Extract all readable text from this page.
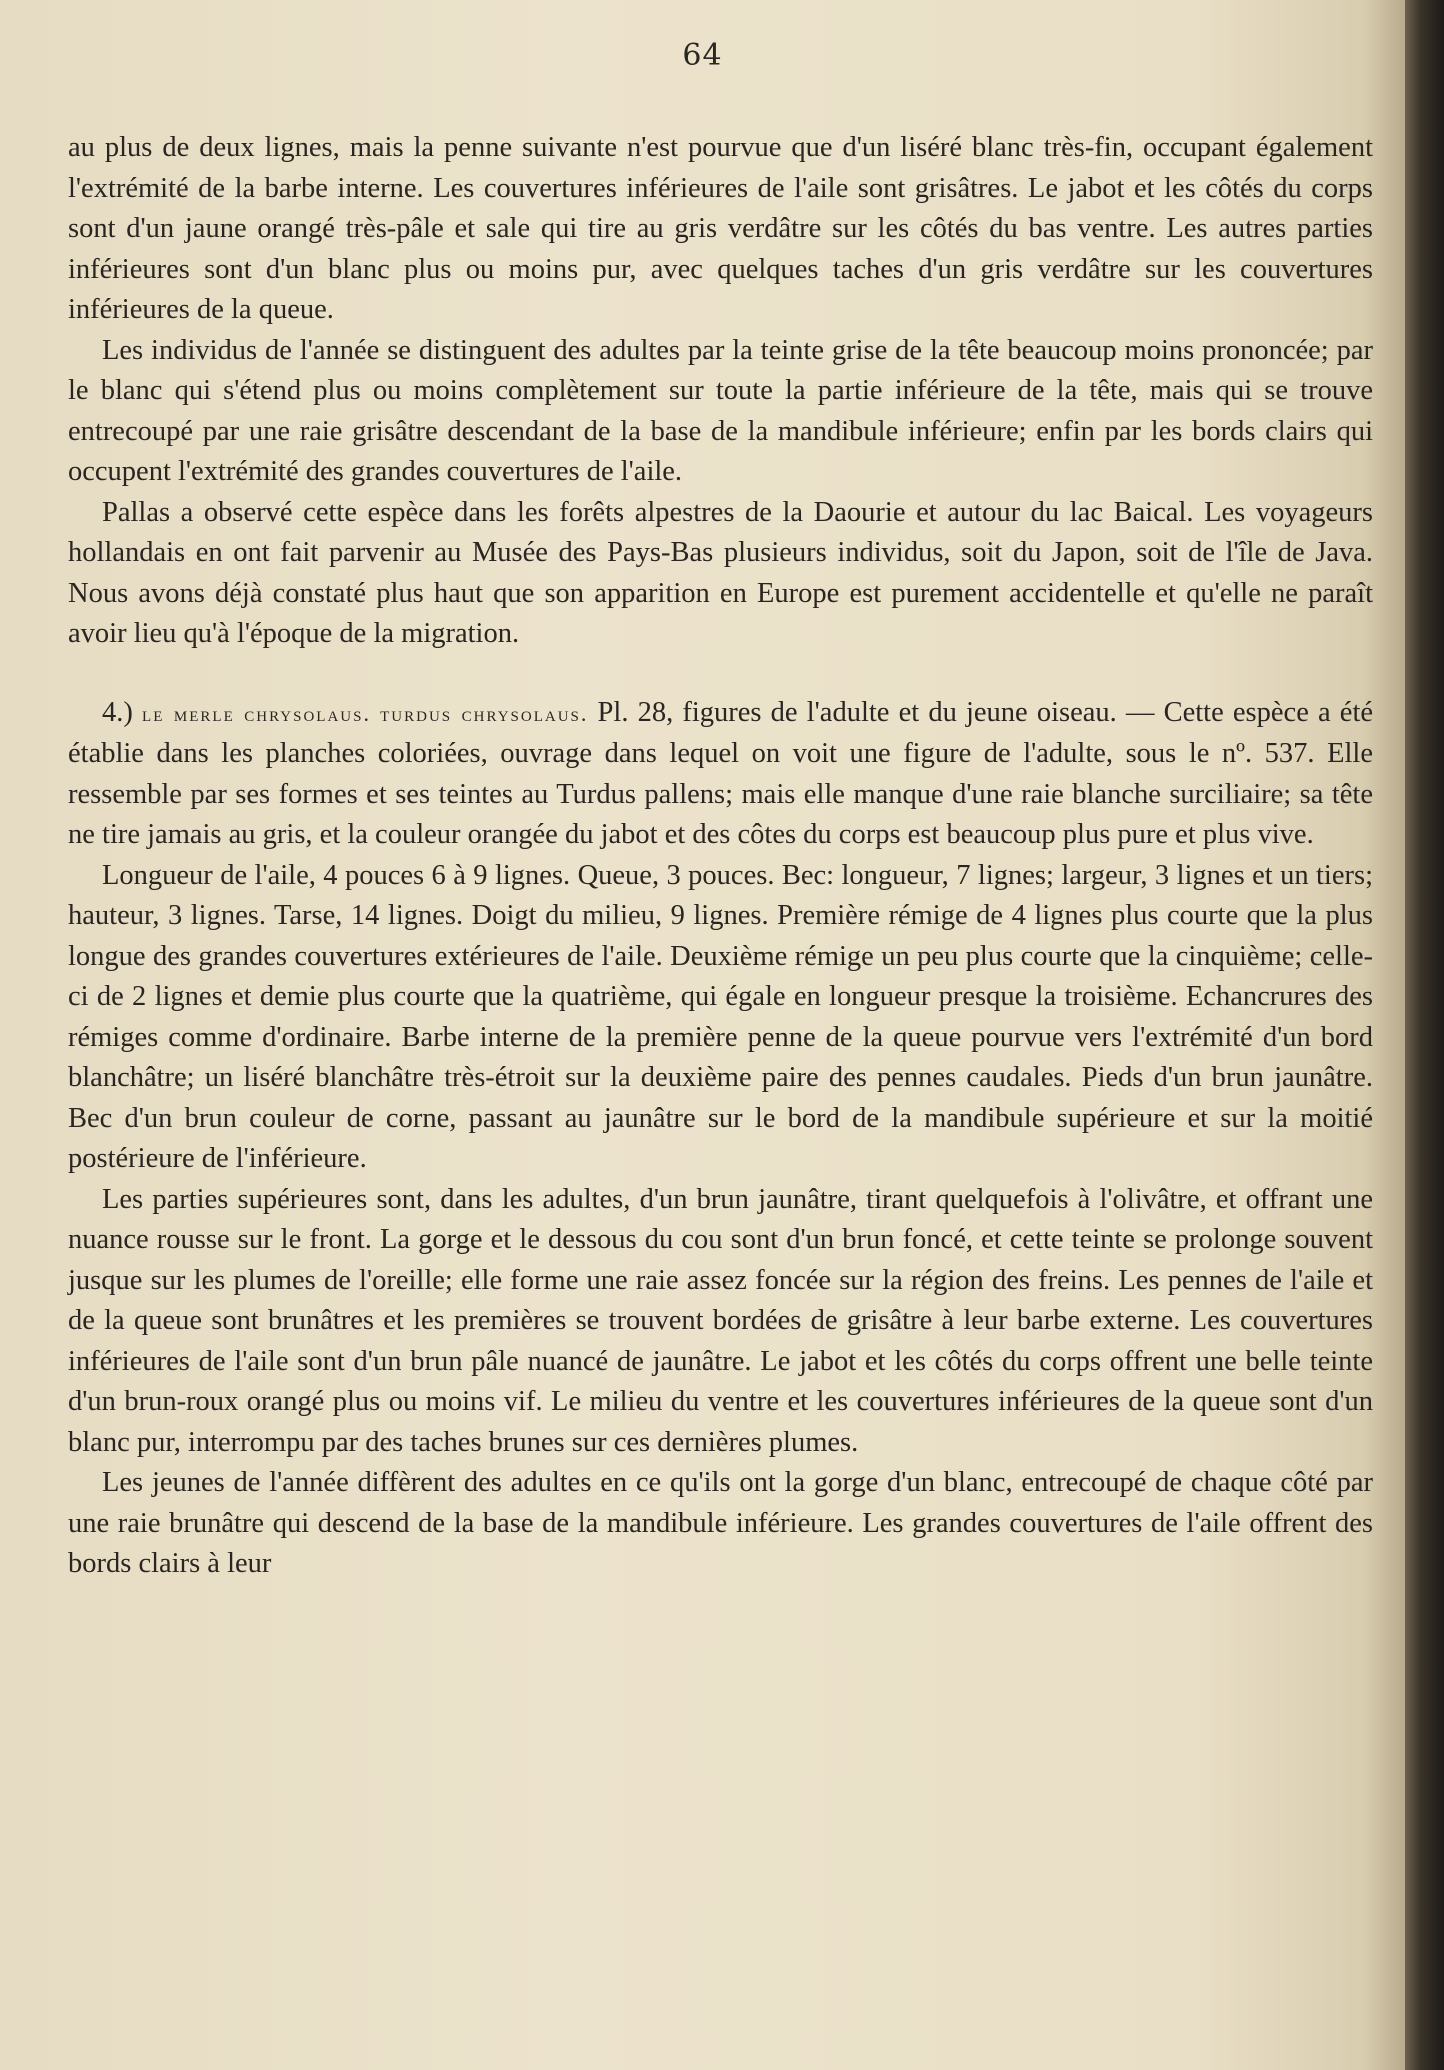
64

au plus de deux lignes, mais la penne suivante n'est pourvue que d'un liséré blanc très-fin, occupant également l'extrémité de la barbe interne. Les couvertures inférieures de l'aile sont grisâtres. Le jabot et les côtés du corps sont d'un jaune orangé très-pâle et sale qui tire au gris verdâtre sur les côtés du bas ventre. Les autres parties inférieures sont d'un blanc plus ou moins pur, avec quelques taches d'un gris verdâtre sur les couvertures inférieures de la queue.

Les individus de l'année se distinguent des adultes par la teinte grise de la tête beaucoup moins prononcée; par le blanc qui s'étend plus ou moins complètement sur toute la partie inférieure de la tête, mais qui se trouve entrecoupé par une raie grisâtre descendant de la base de la mandibule inférieure; enfin par les bords clairs qui occupent l'extrémité des grandes couvertures de l'aile.

Pallas a observé cette espèce dans les forêts alpestres de la Daourie et autour du lac Baical. Les voyageurs hollandais en ont fait parvenir au Musée des Pays-Bas plusieurs individus, soit du Japon, soit de l'île de Java. Nous avons déjà constaté plus haut que son apparition en Europe est purement accidentelle et qu'elle ne paraît avoir lieu qu'à l'époque de la migration.

4.) le merle chrysolaus. turdus chrysolaus. Pl. 28, figures de l'adulte et du jeune oiseau. — Cette espèce a été établie dans les planches coloriées, ouvrage dans lequel on voit une figure de l'adulte, sous le nº. 537. Elle ressemble par ses formes et ses teintes au Turdus pallens; mais elle manque d'une raie blanche surciliaire; sa tête ne tire jamais au gris, et la couleur orangée du jabot et des côtes du corps est beaucoup plus pure et plus vive.

Longueur de l'aile, 4 pouces 6 à 9 lignes. Queue, 3 pouces. Bec: longueur, 7 lignes; largeur, 3 lignes et un tiers; hauteur, 3 lignes. Tarse, 14 lignes. Doigt du milieu, 9 lignes. Première rémige de 4 lignes plus courte que la plus longue des grandes couvertures extérieures de l'aile. Deuxième rémige un peu plus courte que la cinquième; celle-ci de 2 lignes et demie plus courte que la quatrième, qui égale en longueur presque la troisième. Echancrures des rémiges comme d'ordinaire. Barbe interne de la première penne de la queue pourvue vers l'extrémité d'un bord blanchâtre; un liséré blanchâtre très-étroit sur la deuxième paire des pennes caudales. Pieds d'un brun jaunâtre. Bec d'un brun couleur de corne, passant au jaunâtre sur le bord de la mandibule supérieure et sur la moitié postérieure de l'inférieure.

Les parties supérieures sont, dans les adultes, d'un brun jaunâtre, tirant quelquefois à l'olivâtre, et offrant une nuance rousse sur le front. La gorge et le dessous du cou sont d'un brun foncé, et cette teinte se prolonge souvent jusque sur les plumes de l'oreille; elle forme une raie assez foncée sur la région des freins. Les pennes de l'aile et de la queue sont brunâtres et les premières se trouvent bordées de grisâtre à leur barbe externe. Les couvertures inférieures de l'aile sont d'un brun pâle nuancé de jaunâtre. Le jabot et les côtés du corps offrent une belle teinte d'un brun-roux orangé plus ou moins vif. Le milieu du ventre et les couvertures inférieures de la queue sont d'un blanc pur, interrompu par des taches brunes sur ces dernières plumes.

Les jeunes de l'année diffèrent des adultes en ce qu'ils ont la gorge d'un blanc, entrecoupé de chaque côté par une raie brunâtre qui descend de la base de la mandibule inférieure. Les grandes couvertures de l'aile offrent des bords clairs à leur
